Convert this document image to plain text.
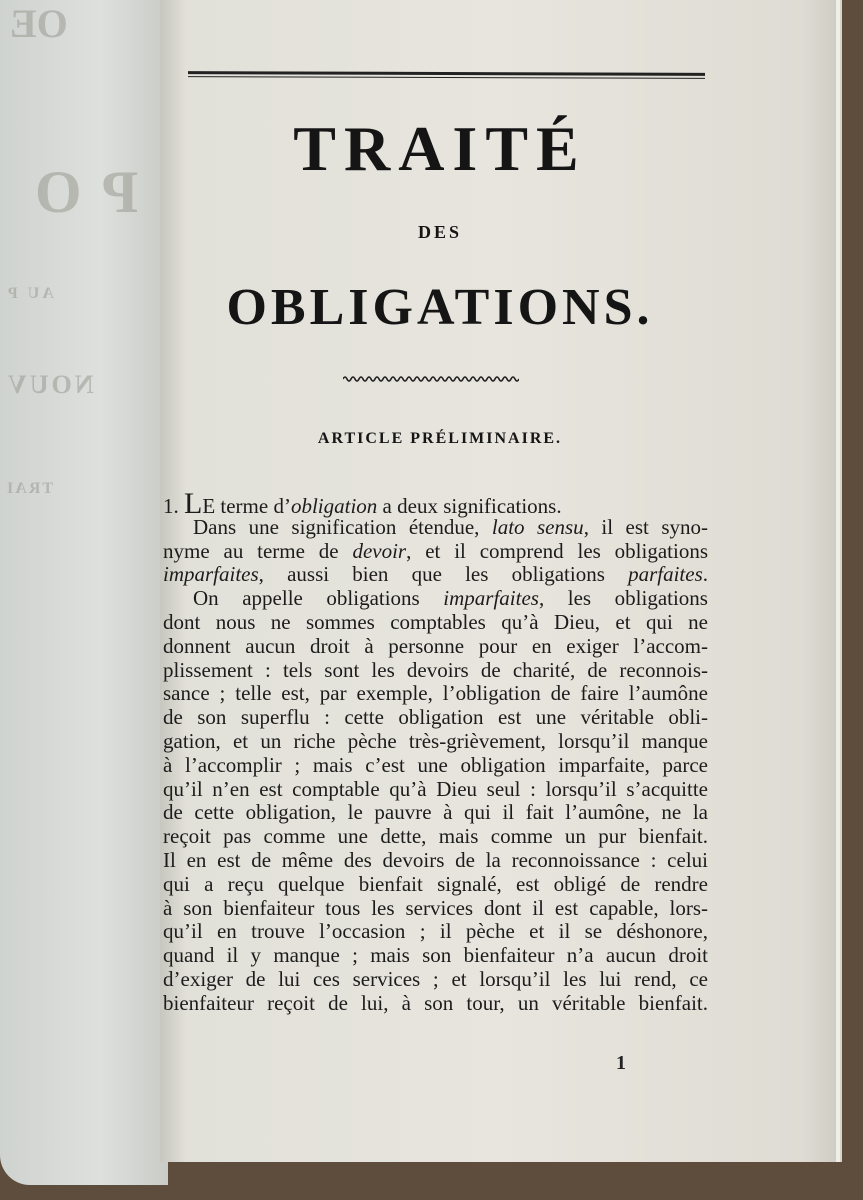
OE
PO
AU P
NOUV
TRAI
TRAITÉ
DES
OBLIGATIONS.
ARTICLE PRÉLIMINAIRE.
1. LE terme d’obligation a deux significations.
Dans une signification étendue, lato sensu, il est syno-
nyme au terme de devoir, et il comprend les obligations
imparfaites, aussi bien que les obligations parfaites.
On appelle obligations imparfaites, les obligations
dont nous ne sommes comptables qu’à Dieu, et qui ne
donnent aucun droit à personne pour en exiger l’accom-
plissement : tels sont les devoirs de charité, de reconnois-
sance ; telle est, par exemple, l’obligation de faire l’aumône
de son superflu : cette obligation est une véritable obli-
gation, et un riche pèche très-grièvement, lorsqu’il manque
à l’accomplir ; mais c’est une obligation imparfaite, parce
qu’il n’en est comptable qu’à Dieu seul : lorsqu’il s’acquitte
de cette obligation, le pauvre à qui il fait l’aumône, ne la
reçoit pas comme une dette, mais comme un pur bienfait.
Il en est de même des devoirs de la reconnoissance : celui
qui a reçu quelque bienfait signalé, est obligé de rendre
à son bienfaiteur tous les services dont il est capable, lors-
qu’il en trouve l’occasion ; il pèche et il se déshonore,
quand il y manque ; mais son bienfaiteur n’a aucun droit
d’exiger de lui ces services ; et lorsqu’il les lui rend, ce
bienfaiteur reçoit de lui, à son tour, un véritable bienfait.
1
